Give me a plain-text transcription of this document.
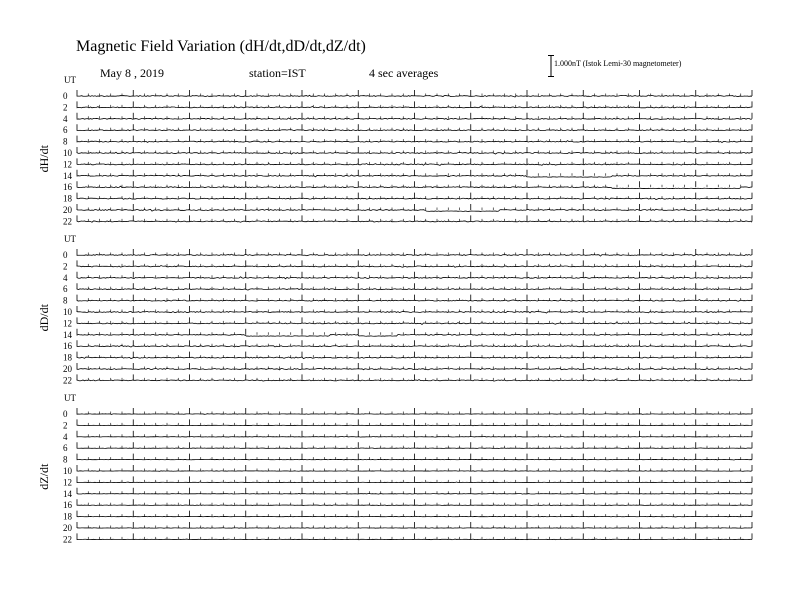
Magnetic Field Variation (dH/dt,dD/dt,dZ/dt)
May 8 , 2019	station=IST	4 sec averages
1.000nT (Istok Lemi-30 magnetometer)
UT
dH/dt
0
2
4
6
8
10
12
14
16
18
20
22
UT
dD/dt
0
2
4
6
8
10
12
14
16
18
20
22
UT
dZ/dt
0
2
4
6
8
10
12
14
16
18
20
22
